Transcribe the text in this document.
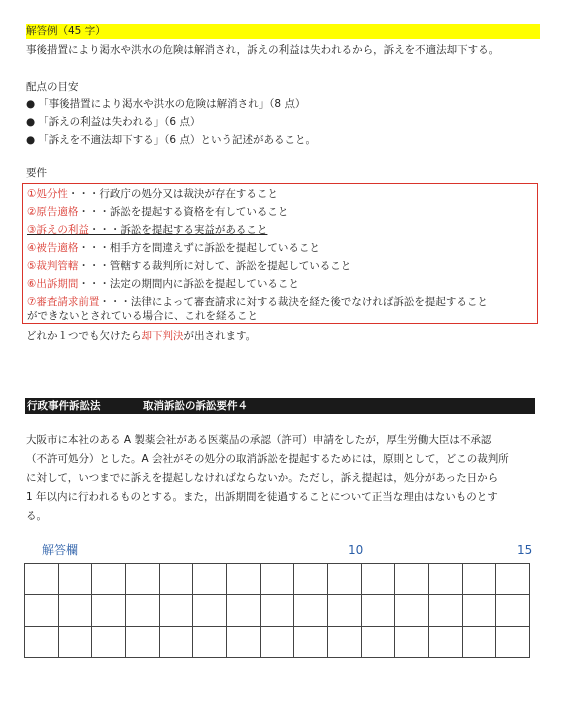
解答例（45 字）
事後措置により渇水や洪水の危険は解消され，訴えの利益は失われるから，訴えを不適法却下する。
配点の目安
● 「事後措置により渇水や洪水の危険は解消され」（8 点）
● 「訴えの利益は失われる」（6 点）
● 「訴えを不適法却下する」（6 点）という記述があること。
要件
①処分性・・・行政庁の処分又は裁決が存在すること
②原告適格・・・訴訟を提起する資格を有していること
③訴えの利益・・・訴訟を提起する実益があること
④被告適格・・・相手方を間違えずに訴訟を提起していること
⑤裁判管轄・・・管轄する裁判所に対して、訴訟を提起していること
⑥出訴期間・・・法定の期間内に訴訟を提起していること
⑦審査請求前置・・・法律によって審査請求に対する裁決を経た後でなければ訴訟を提起すること
ができないとされている場合に、これを経ること
どれか１つでも欠けたら却下判決が出されます。
行政事件訴訟法	取消訴訟の訴訟要件４
大阪市に本社のある A 製薬会社がある医薬品の承認（許可）申請をしたが，厚生労働大臣は不承認
（不許可処分）とした。A 会社がその処分の取消訴訟を提起するためには，原則として，どこの裁判所
に対して，いつまでに訴えを提起しなければならないか。ただし，訴え提起は，処分があった日から
1 年以内に行われるものとする。また，出訴期間を徒過することについて正当な理由はないものとす
る。
解答欄	10	15
